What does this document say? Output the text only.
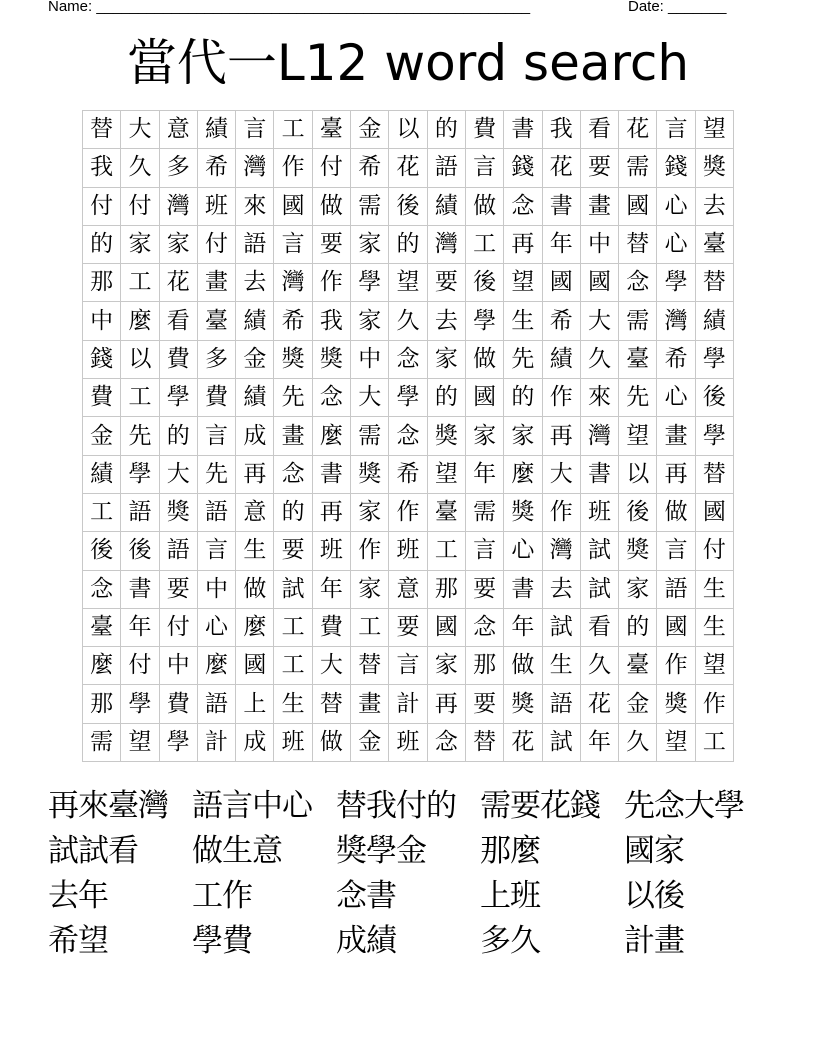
Name: ____________________________________________________	Date: _______
當代一L12 word search
替	大	意	績	言	工	臺	金	以	的	費	書	我	看	花	言	望
我	久	多	希	灣	作	付	希	花	語	言	錢	花	要	需	錢	獎
付	付	灣	班	來	國	做	需	後	績	做	念	書	畫	國	心	去
的	家	家	付	語	言	要	家	的	灣	工	再	年	中	替	心	臺
那	工	花	畫	去	灣	作	學	望	要	後	望	國	國	念	學	替
中	麼	看	臺	績	希	我	家	久	去	學	生	希	大	需	灣	績
錢	以	費	多	金	獎	獎	中	念	家	做	先	績	久	臺	希	學
費	工	學	費	績	先	念	大	學	的	國	的	作	來	先	心	後
金	先	的	言	成	畫	麼	需	念	獎	家	家	再	灣	望	畫	學
績	學	大	先	再	念	書	獎	希	望	年	麼	大	書	以	再	替
工	語	獎	語	意	的	再	家	作	臺	需	獎	作	班	後	做	國
後	後	語	言	生	要	班	作	班	工	言	心	灣	試	獎	言	付
念	書	要	中	做	試	年	家	意	那	要	書	去	試	家	語	生
臺	年	付	心	麼	工	費	工	要	國	念	年	試	看	的	國	生
麼	付	中	麼	國	工	大	替	言	家	那	做	生	久	臺	作	望
那	學	費	語	上	生	替	畫	計	再	要	獎	語	花	金	獎	作
需	望	學	計	成	班	做	金	班	念	替	花	試	年	久	望	工
再來臺灣 語言中心 替我付的 需要花錢 先念大學
試試看	做生意	獎學金	那麼	國家
去年	工作	念書	上班	以後
希望	學費	成績	多久	計畫
